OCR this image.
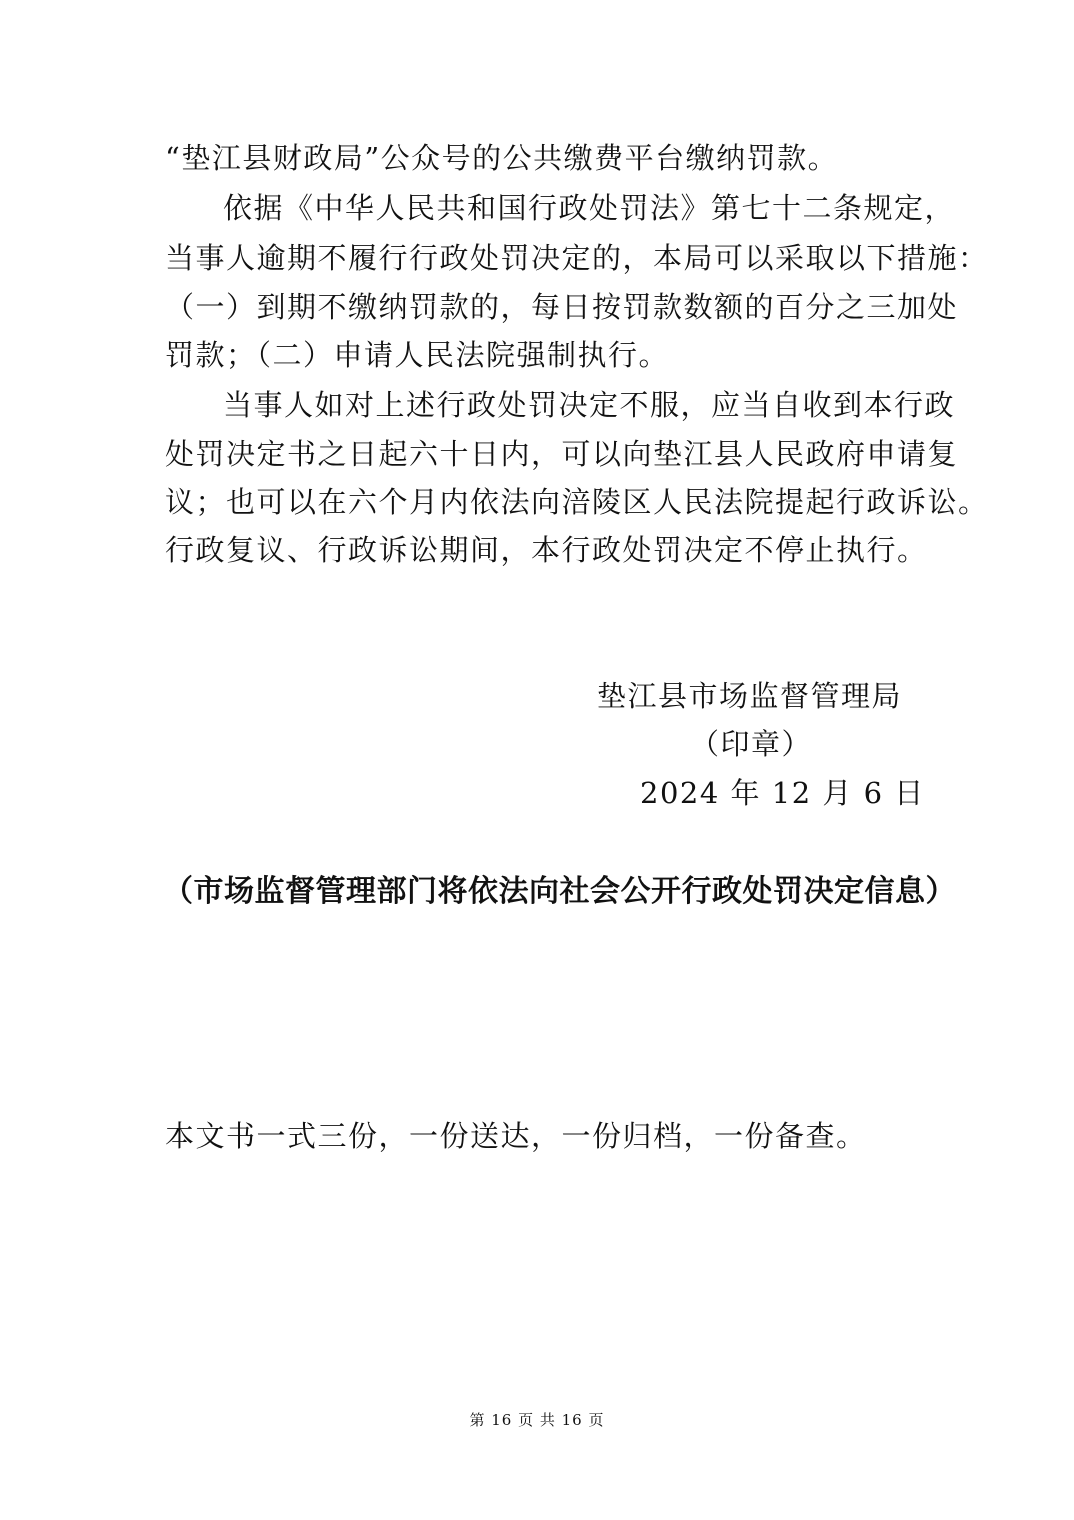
“垫江县财政局”公众号的公共缴费平台缴纳罚款。
依据《中华人民共和国行政处罚法》第七十二条规定，
当事人逾期不履行行政处罚决定的，本局可以采取以下措施：
（一）到期不缴纳罚款的，每日按罚款数额的百分之三加处
罚款；（二）申请人民法院强制执行。
当事人如对上述行政处罚决定不服，应当自收到本行政
处罚决定书之日起六十日内，可以向垫江县人民政府申请复
议；也可以在六个月内依法向涪陵区人民法院提起行政诉讼。
行政复议、行政诉讼期间，本行政处罚决定不停止执行。
垫江县市场监督管理局
（印章）
2024 年 12 月 6 日
（市场监督管理部门将依法向社会公开行政处罚决定信息）
本文书一式三份，一份送达，一份归档，一份备查。
第 16 页 共 16 页
